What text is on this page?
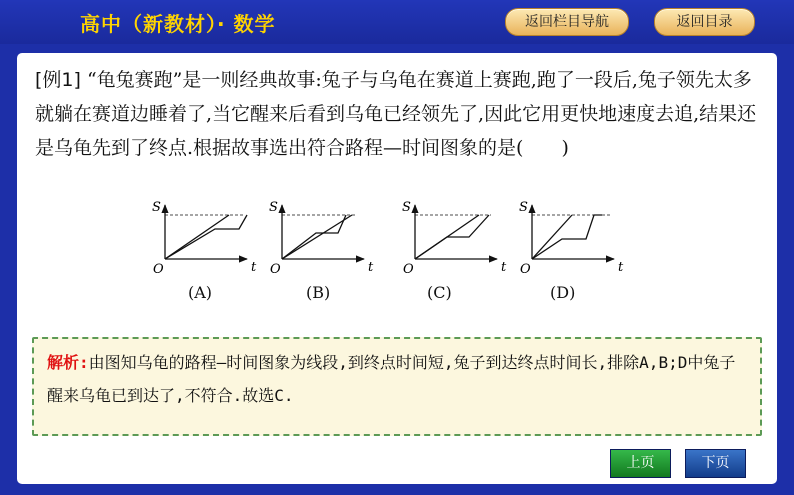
高中（新教材）· 数学	返回栏目导航	返回目录
[例1] “龟兔赛跑”是一则经典故事:兔子与乌龟在赛道上赛跑,跑了一段后,兔子领先太多就躺在赛道边睡着了,当它醒来后看到乌龟已经领先了,因此它用更快地速度去追,结果还是乌龟先到了终点.根据故事选出符合路程—时间图象的是(　　)
S
t
O
S
t
O
S
t
O
S
t
O
(A)	(B)	(C)	(D)
解析:由图知乌龟的路程—时间图象为线段,到终点时间短,兔子到达终点时间长,排除A,B;D中兔子醒来乌龟已到达了,不符合.故选C.
上页	下页
